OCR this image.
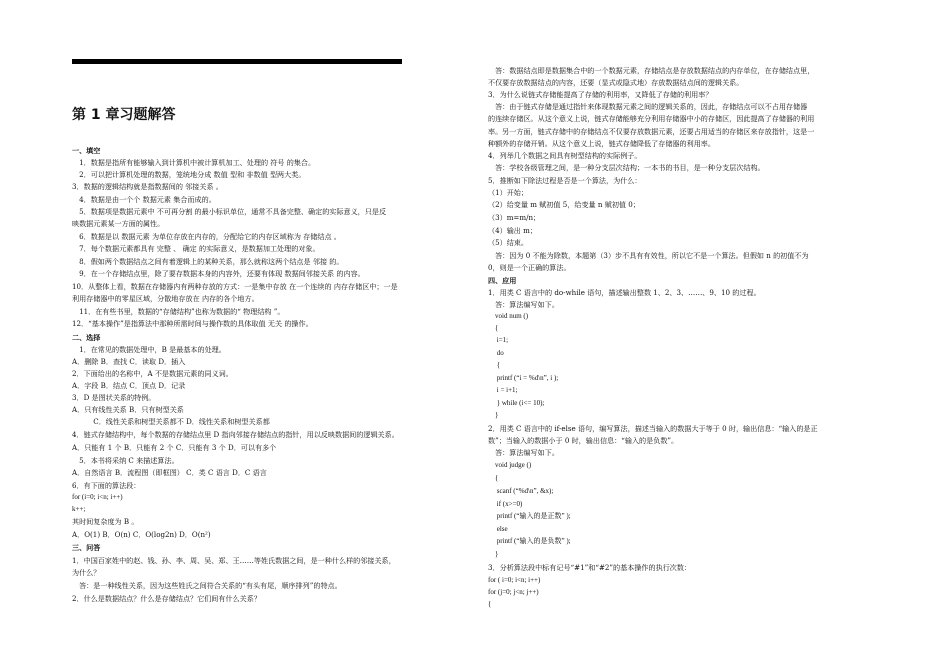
第 1 章习题解答
一、填空
　1．数据是指所有能够输入到计算机中被计算机加工、处理的 符号 的集合。
　2．可以把计算机处理的数据，笼统地分成 数值 型和 非数值 型两大类。
3．数据的逻辑结构就是指数据间的 邻接关系 。
　4．数据是由一个个 数据元素 集合而成的。
　5．数据项是数据元素中 不可再分割 的最小标识单位，通常不具备完整、确定的实际意义，只是反
映数据元素某一方面的属性。
　6．数据是以 数据元素 为单位存放在内存的，分配给它的内存区域称为 存储结点 。
　7．每个数据元素都具有 完整 、 确定 的实际意义，是数据加工处理的对象。
　8．假如两个数据结点之间有着逻辑上的某种关系，那么就称这两个结点是 邻接 的。
　9．在一个存储结点里，除了要存数据本身的内容外，还要有体现 数据间邻接关系 的内容。
10．从整体上看，数据在存储器内有两种存放的方式：一是集中存放 在一个连续的 内存存储区中；一是
利用存储器中的零星区域，分散地存放在 内存的各个地方。
　11．在有些书里，数据的“存储结构”也称为数据的“ 物理结构 ”。
12．“基本操作”是指算法中那种所需时间与操作数的具体取值 无关 的操作。
二、选择
　1．在常见的数据处理中，B 是最基本的处理。
A．删除 B．查找 C．读取 D．插入
2．下面给出的名称中，A 不是数据元素的同义词。
A．字段 B．结点 C．顶点 D．记录
3．D 是图状关系的特例。
A．只有线性关系 B．只有树型关系
　　　C．线性关系和树型关系都不 D．线性关系和树型关系都
4．链式存储结构中，每个数据的存储结点里 D 指向邻接存储结点的指针，用以反映数据间的逻辑关系。
A．只能有 1 个 B．只能有 2 个 C．只能有 3 个 D．可以有多个
　5．本书将采纳 C 来描述算法。
A．自然语言 B．流程图（即框图） C．类 C 语言 D．C 语言
6．有下面的算法段：
for (i=0; i<n; i++)
k++;
其时间复杂度为 B 。
A．O(1) B．O(n) C．O(log2n) D．O(n²)
三、问答
1．中国百家姓中的赵、钱、孙、李、周、吴、郑、王……等姓氏数据之间，是一种什么样的邻接关系，
为什么？
　答：是一种线性关系，因为这些姓氏之间符合关系的“有头有尾，顺序排列”的特点。
2．什么是数据结点？什么是存储结点？它们间有什么关系？
　答：数据结点即是数据集合中的一个数据元素，存储结点是存放数据结点的内存单位，在存储结点里，
不仅要存放数据结点的内容，还要（显式或隐式地）存放数据结点间的逻辑关系。
3．为什么说链式存储能提高了存储的利用率，又降低了存储的利用率？
　答：由于链式存储是通过指针来体现数据元素之间的逻辑关系的，因此，存储结点可以不占用存储器
的连续存储区。从这个意义上说，链式存储能够充分利用存储器中小的存储区，因此提高了存储器的利用
率。另一方面，链式存储中的存储结点不仅要存放数据元素，还要占用适当的存储区来存放指针，这是一
种额外的存储开销。从这个意义上说，链式存储降低了存储器的利用率。
4．列举几个数据之间具有树型结构的实际例子。
　答：学校各级管理之间，是一种分支层次结构；一本书的书目，是一种分支层次结构。
5．推断如下除法过程是否是一个算法，为什么：
（1）开始；
（2）给变量 m 赋初值 5，给变量 n 赋初值 0；
（3）m=m/n；
（4）输出 m；
（5）结束。
　答：因为 0 不能为除数，本题第（3）步不具有有效性，所以它不是一个算法。但假如 n 的初值不为
0，则是一个正确的算法。
四、应用
1．用类 C 语言中的 do-while 语句，描述输出整数 1、2、3、……、9、10 的过程。
　答：算法编写如下。
　void num ()
　{
　 i=1;
　 do
　 {
　 printf (“i = %d\n”, i );
　 i = i+1;
　 } while (i<= 10);
　}
2．用类 C 语言中的 if-else 语句，编写算法，描述当输入的数据大于等于 0 时，输出信息：“输入的是正
数”；当输入的数据小于 0 时，输出信息：“输入的是负数”。
　答：算法编写如下。
　void judge ()
　{
　 scanf (“%d\n”, &x);
　 if (x>=0)
　 printf (“输入的是正数” );
　 else
　 printf (“输入的是负数” );
　}
3．分析算法段中标有记号“#1”和“#2”的基本操作的执行次数：
for ( i=0; i<n; i++)
for (j=0; j<n; j++)
{
